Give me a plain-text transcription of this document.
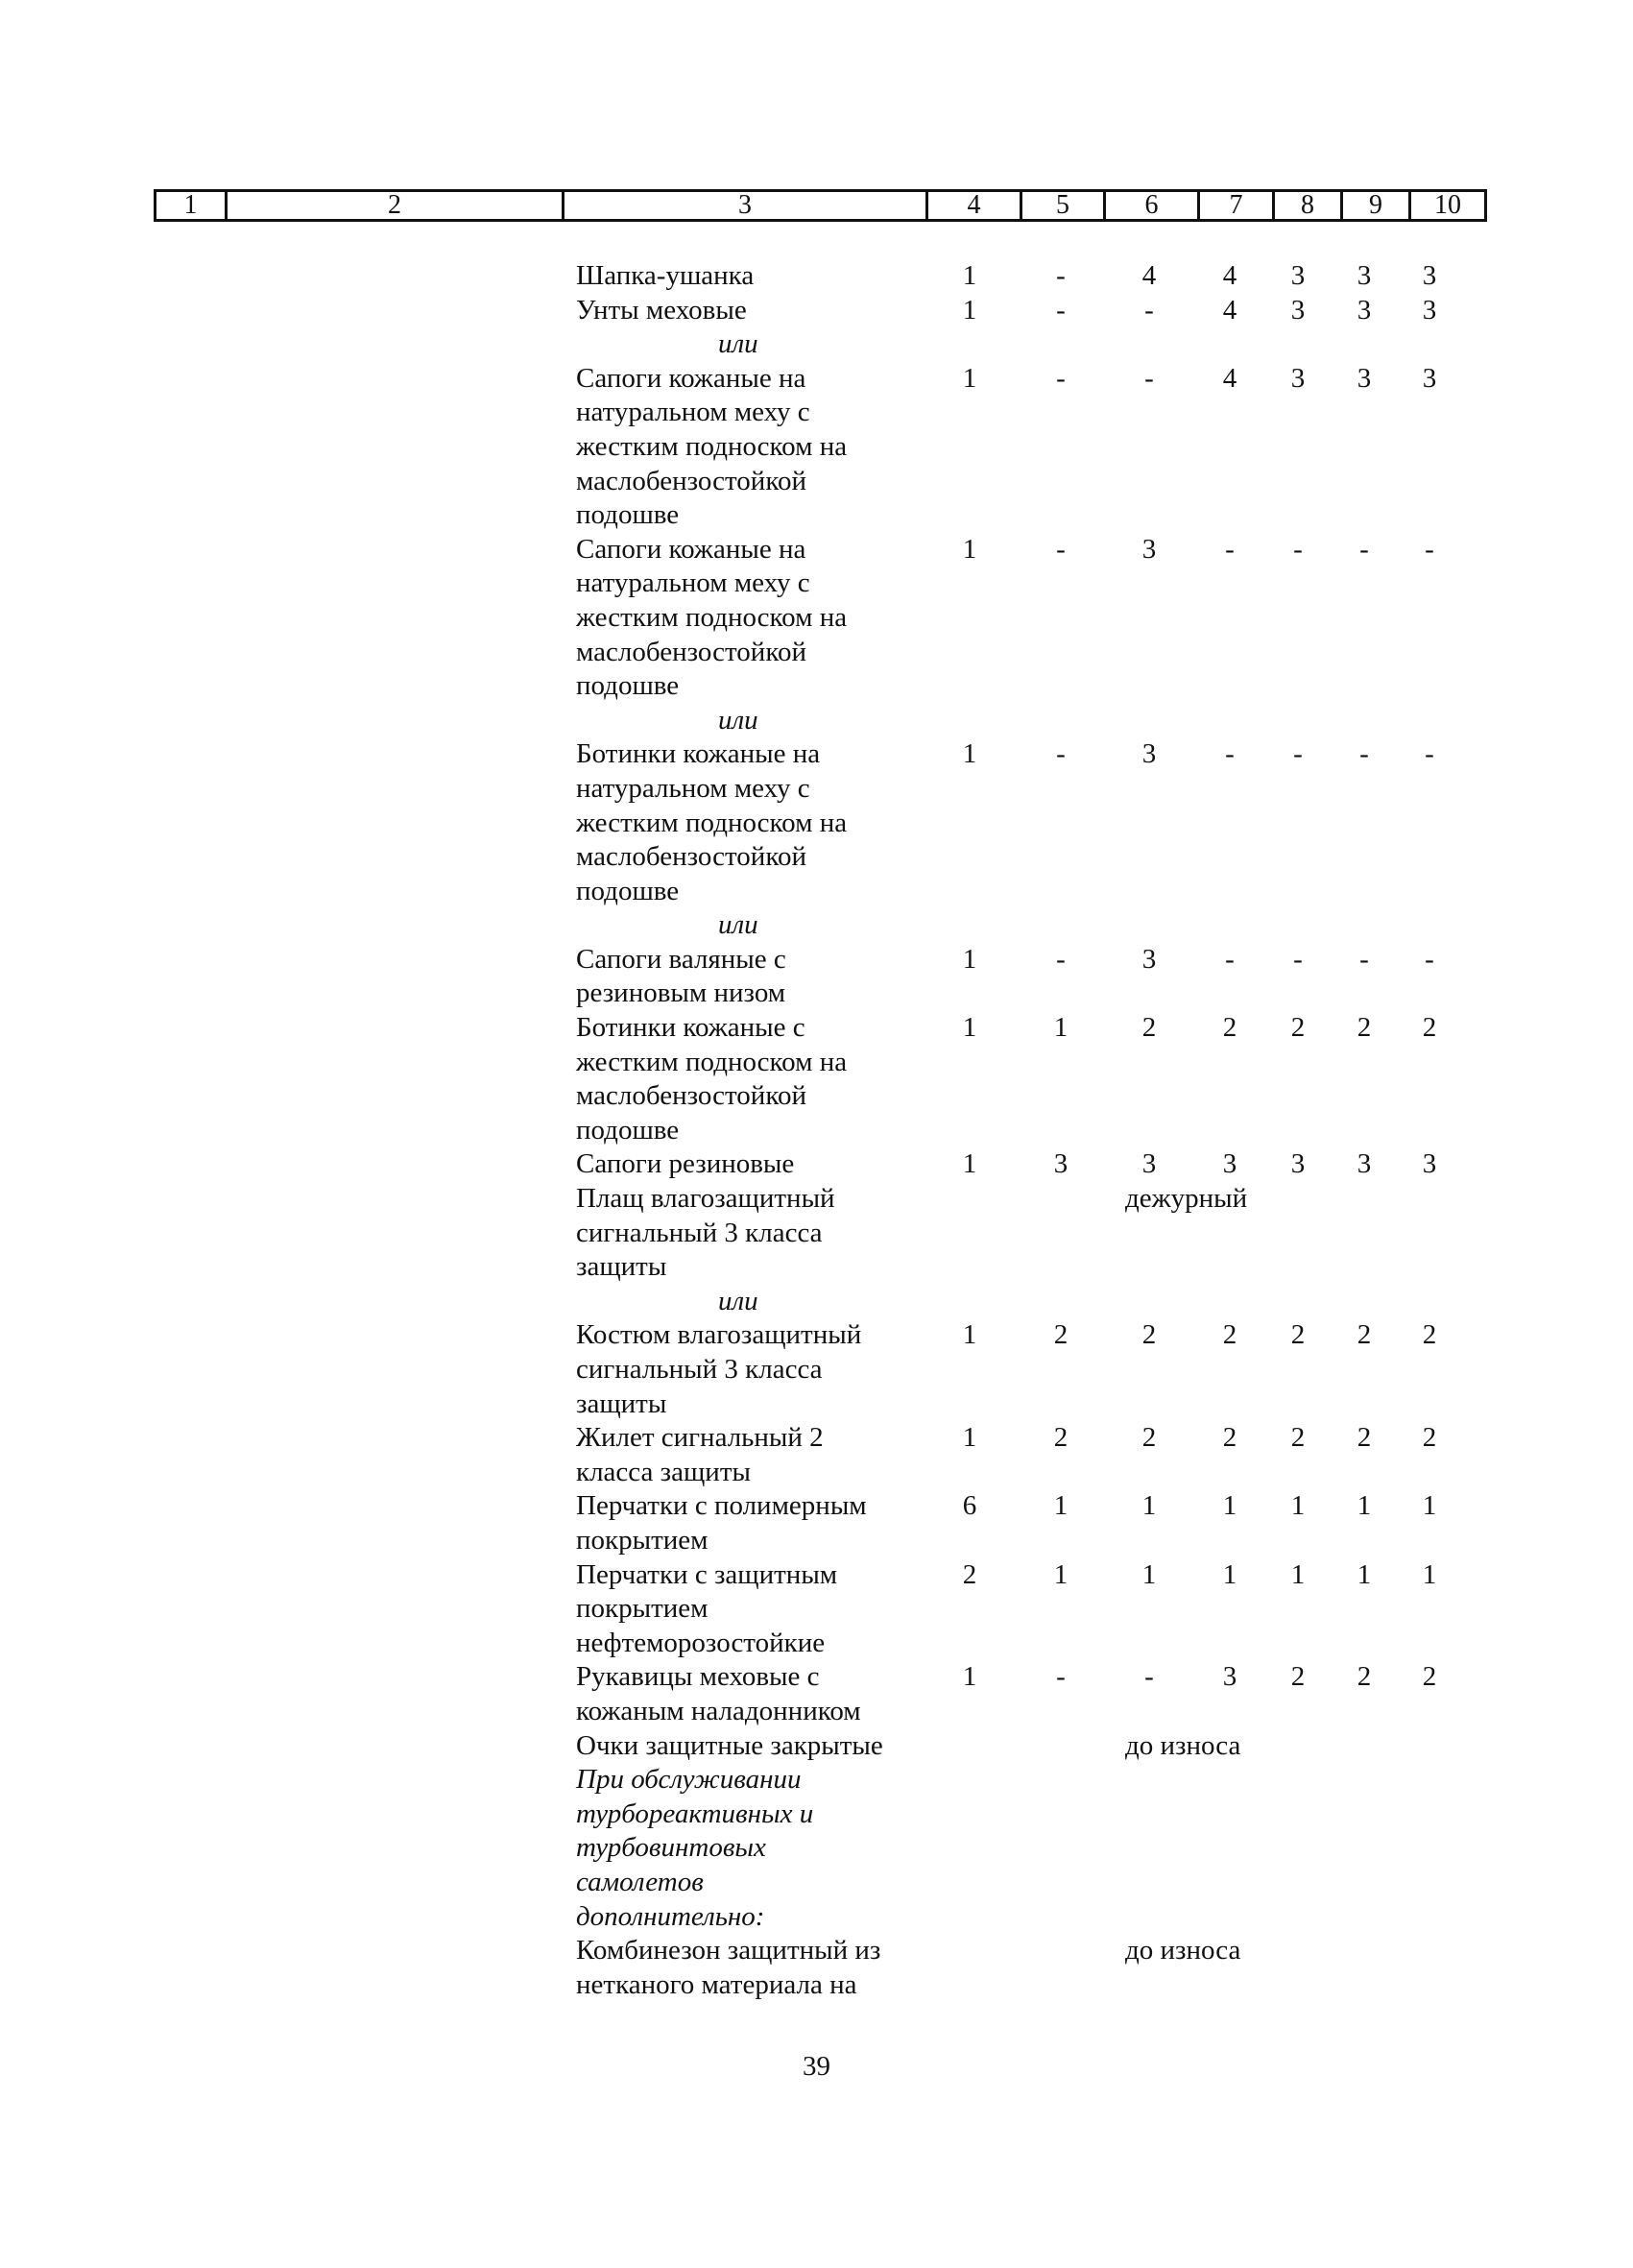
1	2	3	4	5	6	7	8	9	10
Шапка-ушанка	1	-	4	4	3	3	3
Унты меховые	1	-	-	4	3	3	3
или
Сапоги кожаные на	1	-	-	4	3	3	3
натуральном меху с
жестким подноском на
маслобензостойкой
подошве
Сапоги кожаные на	1	-	3	-	-	-	-
натуральном меху с
жестким подноском на
маслобензостойкой
подошве
или
Ботинки кожаные на	1	-	3	-	-	-	-
натуральном меху с
жестким подноском на
маслобензостойкой
подошве
или
Сапоги валяные с	1	-	3	-	-	-	-
резиновым низом
Ботинки кожаные с	1	1	2	2	2	2	2
жестким подноском на
маслобензостойкой
подошве
Сапоги резиновые	1	3	3	3	3	3	3
Плащ влагозащитный	дежурный
сигнальный 3 класса
защиты
или
Костюм влагозащитный	1	2	2	2	2	2	2
сигнальный 3 класса
защиты
Жилет сигнальный 2	1	2	2	2	2	2	2
класса защиты
Перчатки с полимерным	6	1	1	1	1	1	1
покрытием
Перчатки с защитным	2	1	1	1	1	1	1
покрытием
нефтеморозостойкие
Рукавицы меховые с	1	-	-	3	2	2	2
кожаным наладонником
Очки защитные закрытые	до износа
При обслуживании
турбореактивных и
турбовинтовых
самолетов
дополнительно:
Комбинезон защитный из	до износа
нетканого материала на
39
